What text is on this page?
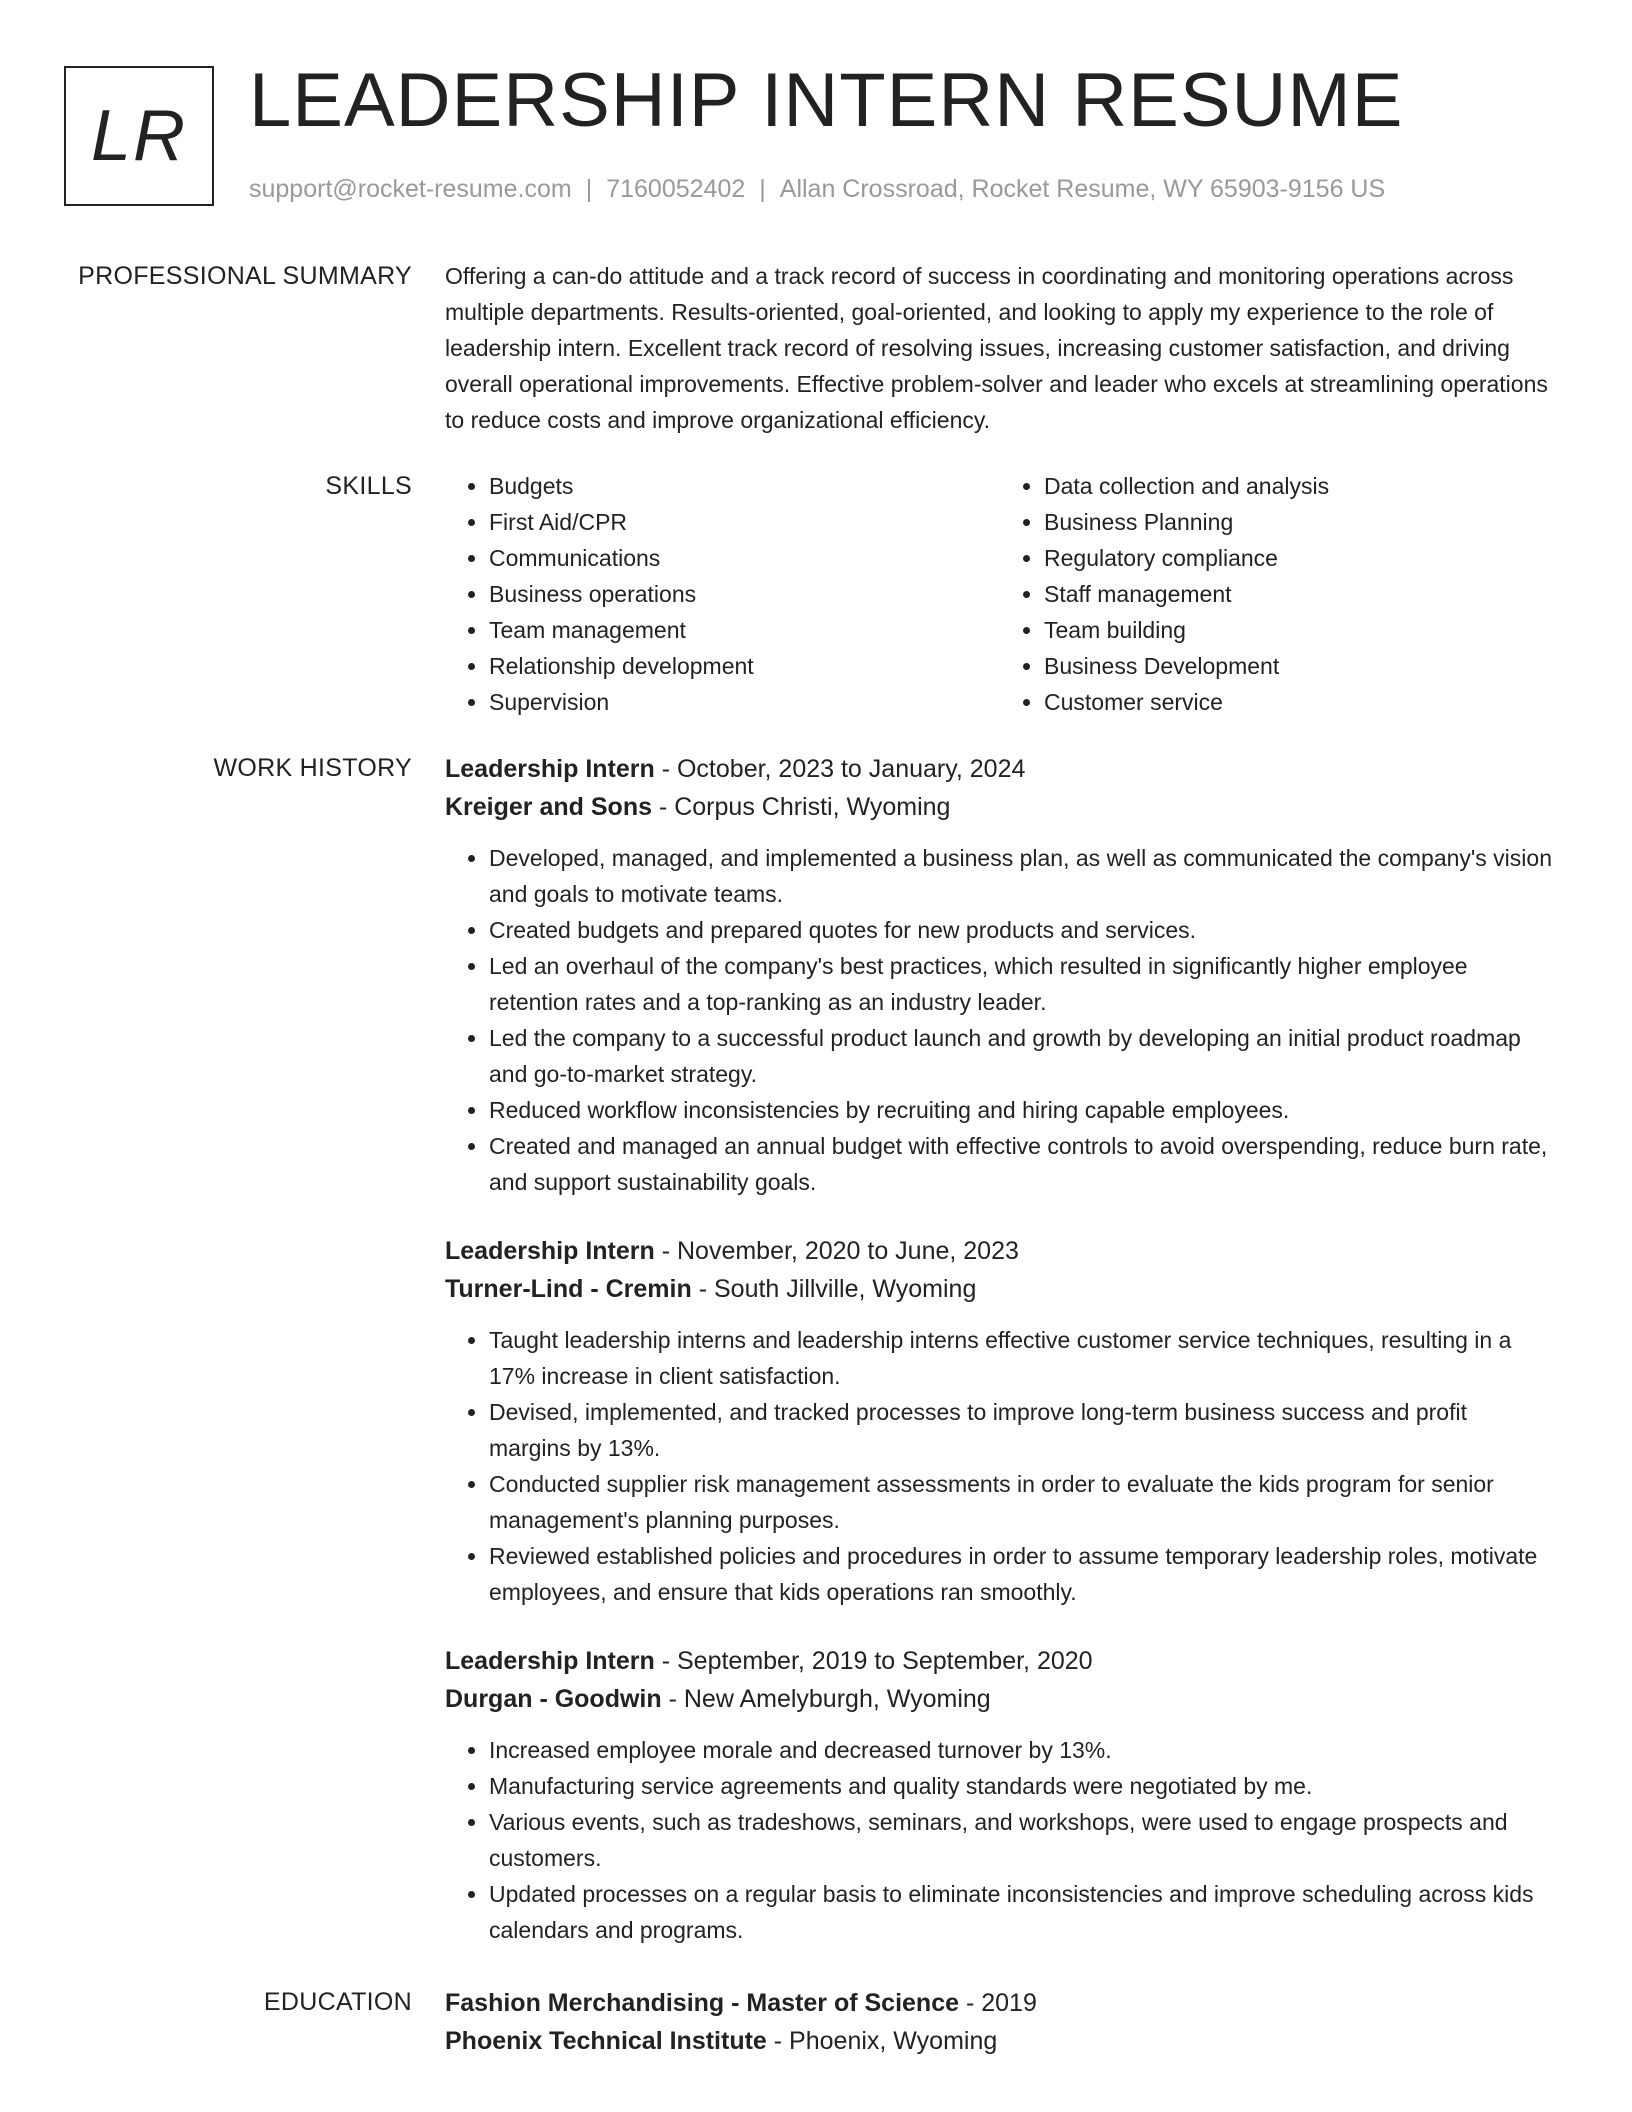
LR LEADERSHIP INTERN RESUME
support@rocket-resume.com | 7160052402 | Allan Crossroad, Rocket Resume, WY 65903-9156 US
PROFESSIONAL SUMMARY Offering a can-do attitude and a track record of success in coordinating and monitoring operations across multiple departments. Results-oriented, goal-oriented, and looking to apply my experience to the role of leadership intern. Excellent track record of resolving issues, increasing customer satisfaction, and driving overall operational improvements. Effective problem-solver and leader who excels at streamlining operations to reduce costs and improve organizational efficiency.

SKILLS
•	Budgets
• First Aid/CPR
• Communications
• Business operations
• Team management
• Relationship development
• Supervision
• Data collection and analysis
• Business Planning
• Regulatory compliance
• Staff management
• Team building
• Business Development
• Customer service
WORK HISTORY Leadership Intern - October, 2023 to January, 2024
Kreiger and Sons - Corpus Christi, Wyoming
• Developed, managed, and implemented a business plan, as well as communicated the company's vision and goals to motivate teams.
• Created budgets and prepared quotes for new products and services.
• Led an overhaul of the company's best practices, which resulted in significantly higher employee retention rates and a top-ranking as an industry leader.
• Led the company to a successful product launch and growth by developing an initial product roadmap and go-to-market strategy.
• Reduced workflow inconsistencies by recruiting and hiring capable employees.
• Created and managed an annual budget with effective controls to avoid overspending, reduce burn rate, and support sustainability goals.
Leadership Intern - November, 2020 to June, 2023
Turner-Lind - Cremin - South Jillville, Wyoming
• Taught leadership interns and leadership interns effective customer service techniques, resulting in a 17% increase in client satisfaction.
• Devised, implemented, and tracked processes to improve long-term business success and profit margins by 13%.
• Conducted supplier risk management assessments in order to evaluate the kids program for senior management's planning purposes.
• Reviewed established policies and procedures in order to assume temporary leadership roles, motivate employees, and ensure that kids operations ran smoothly.
Leadership Intern - September, 2019 to September, 2020
Durgan - Goodwin - New Amelyburgh, Wyoming
• Increased employee morale and decreased turnover by 13%.
• Manufacturing service agreements and quality standards were negotiated by me.
• Various events, such as tradeshows, seminars, and workshops, were used to engage prospects and customers.
• Updated processes on a regular basis to eliminate inconsistencies and improve scheduling across kids calendars and programs.
EDUCATION Fashion Merchandising - Master of Science - 2019
Phoenix Technical Institute - Phoenix, Wyoming
